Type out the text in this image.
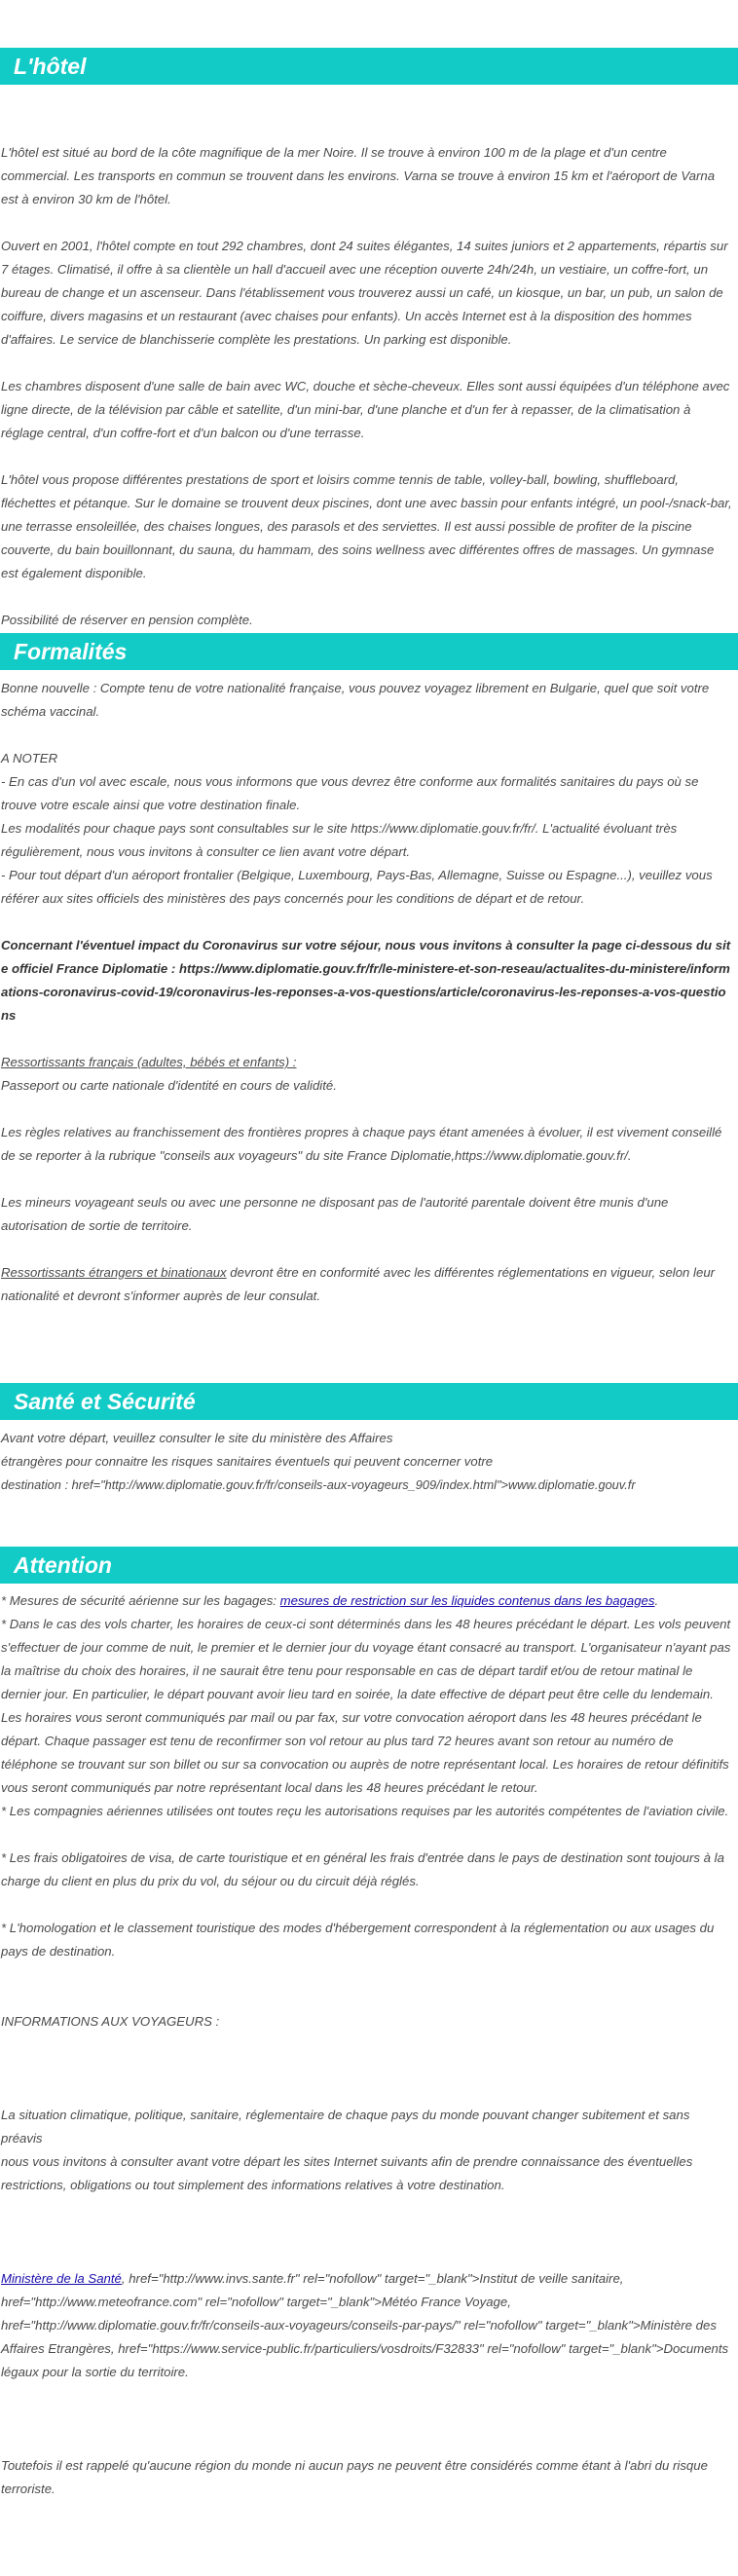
L'hôtel

L'hôtel est situé au bord de la côte magnifique de la mer Noire. Il se trouve à environ 100 m de la plage et d'un centre commercial. Les transports en commun se trouvent dans les environs. Varna se trouve à environ 15 km et l'aéroport de Varna est à environ 30 km de l'hôtel.

Ouvert en 2001, l'hôtel compte en tout 292 chambres, dont 24 suites élégantes, 14 suites juniors et 2 appartements, répartis sur 7 étages. Climatisé, il offre à sa clientèle un hall d'accueil avec une réception ouverte 24h/24h, un vestiaire, un coffre-fort, un bureau de change et un ascenseur. Dans l'établissement vous trouverez aussi un café, un kiosque, un bar, un pub, un salon de coiffure, divers magasins et un restaurant (avec chaises pour enfants). Un accès Internet est à la disposition des hommes d'affaires. Le service de blanchisserie complète les prestations. Un parking est disponible.

Les chambres disposent d'une salle de bain avec WC, douche et sèche-cheveux. Elles sont aussi équipées d'un téléphone avec ligne directe, de la télévision par câble et satellite, d'un mini-bar, d'une planche et d'un fer à repasser, de la climatisation à réglage central, d'un coffre-fort et d'un balcon ou d'une terrasse.

L'hôtel vous propose différentes prestations de sport et loisirs comme tennis de table, volley-ball, bowling, shuffleboard, fléchettes et pétanque. Sur le domaine se trouvent deux piscines, dont une avec bassin pour enfants intégré, un pool-/snack-bar, une terrasse ensoleillée, des chaises longues, des parasols et des serviettes. Il est aussi possible de profiter de la piscine couverte, du bain bouillonnant, du sauna, du hammam, des soins wellness avec différentes offres de massages. Un gymnase est également disponible.

Possibilité de réserver en pension complète.

Formalités

Bonne nouvelle : Compte tenu de votre nationalité française, vous pouvez voyagez librement en Bulgarie, quel que soit votre schéma vaccinal.

A NOTER

- En cas d'un vol avec escale, nous vous informons que vous devrez être conforme aux formalités sanitaires du pays où se trouve votre escale ainsi que votre destination finale.

Les modalités pour chaque pays sont consultables sur le site https://www.diplomatie.gouv.fr/fr/. L'actualité évoluant très régulièrement, nous vous invitons à consulter ce lien avant votre départ.

- Pour tout départ d'un aéroport frontalier (Belgique, Luxembourg, Pays-Bas, Allemagne, Suisse ou Espagne...), veuillez vous référer aux sites officiels des ministères des pays concernés pour les conditions de départ et de retour.

Concernant l'éventuel impact du Coronavirus sur votre séjour, nous vous invitons à consulter la page ci-dessous du site officiel France Diplomatie : https://www.diplomatie.gouv.fr/fr/le-ministere-et-son-reseau/actualites-du-ministere/informations-coronavirus-covid-19/coronavirus-les-reponses-a-vos-questions/article/coronavirus-les-reponses-a-vos-questions

Ressortissants français (adultes, bébés et enfants) :

Passeport ou carte nationale d'identité en cours de validité.

Les règles relatives au franchissement des frontières propres à chaque pays étant amenées à évoluer, il est vivement conseillé de se reporter à la rubrique "conseils aux voyageurs" du site France Diplomatie,https://www.diplomatie.gouv.fr/.

Les mineurs voyageant seuls ou avec une personne ne disposant pas de l'autorité parentale doivent être munis d'une autorisation de sortie de territoire.

Ressortissants étrangers et binationaux devront être en conformité avec les différentes réglementations en vigueur, selon leur nationalité et devront s'informer auprès de leur consulat.

Santé et Sécurité

Avant votre départ, veuillez consulter le site du ministère des Affaires

étrangères pour connaitre les risques sanitaires éventuels qui peuvent concerner votre

destination : href="http://www.diplomatie.gouv.fr/fr/conseils-aux-voyageurs_909/index.html">www.diplomatie.gouv.fr

Attention

* Mesures de sécurité aérienne sur les bagages: mesures de restriction sur les liquides contenus dans les bagages.

* Dans le cas des vols charter, les horaires de ceux-ci sont déterminés dans les 48 heures précédant le départ. Les vols peuvent s'effectuer de jour comme de nuit, le premier et le dernier jour du voyage étant consacré au transport. L'organisateur n'ayant pas la maîtrise du choix des horaires, il ne saurait être tenu pour responsable en cas de départ tardif et/ou de retour matinal le dernier jour. En particulier, le départ pouvant avoir lieu tard en soirée, la date effective de départ peut être celle du lendemain. Les horaires vous seront communiqués par mail ou par fax, sur votre convocation aéroport dans les 48 heures précédant le départ. Chaque passager est tenu de reconfirmer son vol retour au plus tard 72 heures avant son retour au numéro de téléphone se trouvant sur son billet ou sur sa convocation ou auprès de notre représentant local. Les horaires de retour définitifs vous seront communiqués par notre représentant local dans les 48 heures précédant le retour.

* Les compagnies aériennes utilisées ont toutes reçu les autorisations requises par les autorités compétentes de l'aviation civile.

* Les frais obligatoires de visa, de carte touristique et en général les frais d'entrée dans le pays de destination sont toujours à la charge du client en plus du prix du vol, du séjour ou du circuit déjà réglés.

* L'homologation et le classement touristique des modes d'hébergement correspondent à la réglementation ou aux usages du pays de destination.

INFORMATIONS AUX VOYAGEURS :

La situation climatique, politique, sanitaire, réglementaire de chaque pays du monde pouvant changer subitement et sans préavis

nous vous invitons à consulter avant votre départ les sites Internet suivants afin de prendre connaissance des éventuelles restrictions, obligations ou tout simplement des informations relatives à votre destination.

Ministère de la Santé, href="http://www.invs.sante.fr" rel="nofollow" target="_blank">Institut de veille sanitaire, href="http://www.meteofrance.com" rel="nofollow" target="_blank">Météo France Voyage, href="http://www.diplomatie.gouv.fr/fr/conseils-aux-voyageurs/conseils-par-pays/" rel="nofollow" target="_blank">Ministère des Affaires Etrangères, href="https://www.service-public.fr/particuliers/vosdroits/F32833" rel="nofollow" target="_blank">Documents légaux pour la sortie du territoire.

Toutefois il est rappelé qu'aucune région du monde ni aucun pays ne peuvent être considérés comme étant à l'abri du risque terroriste.
